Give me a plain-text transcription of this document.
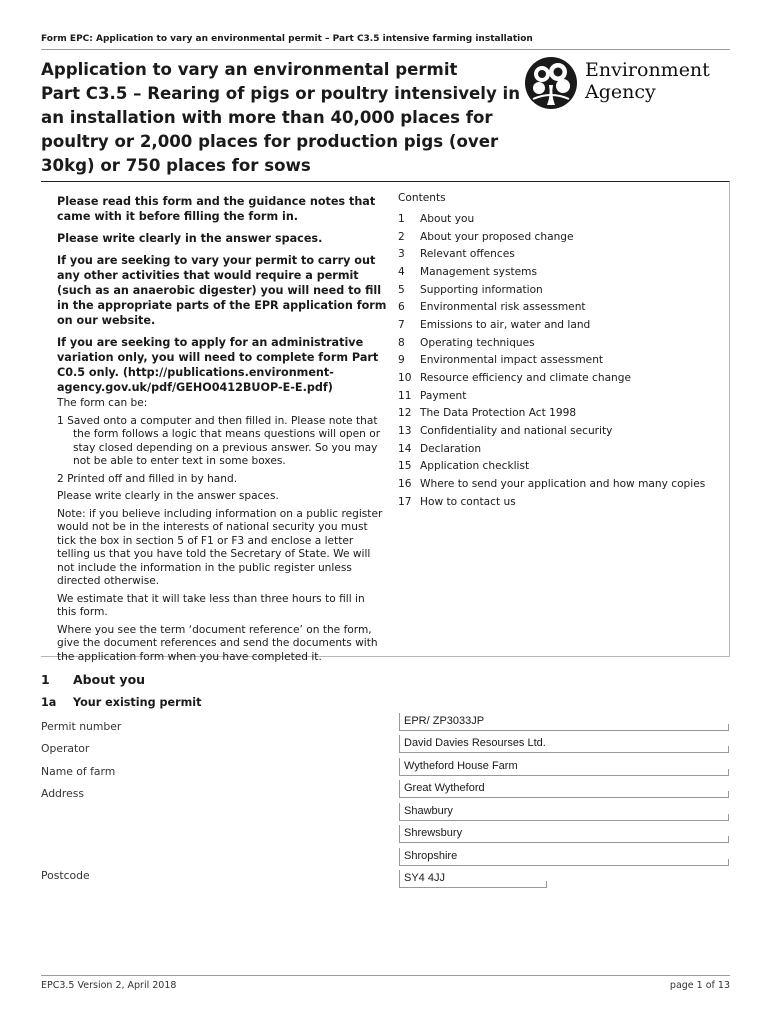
Form EPC: Application to vary an environmental permit – Part C3.5 intensive farming installation
Application to vary an environmental permit
Part C3.5 – Rearing of pigs or poultry intensively in
an installation with more than 40,000 places for
poultry or 2,000 places for production pigs (over
30kg) or 750 places for sows
Environment
Agency

Please read this form and the guidance notes that came with it before filling the form in.

Please write clearly in the answer spaces.

If you are seeking to vary your permit to carry out any other activities that would require a permit (such as an anaerobic digester) you will need to fill in the appropriate parts of the EPR application form on our website.

If you are seeking to apply for an administrative variation only, you will need to complete form Part C0.5 only. (http://publications.environment-agency.gov.uk/pdf/GEHO0412BUOP-E-E.pdf)

The form can be:

1 Saved onto a computer and then filled in. Please note that the form follows a logic that means questions will open or stay closed depending on a previous answer. So you may not be able to enter text in some boxes.

2 Printed off and filled in by hand.

Please write clearly in the answer spaces.

Note: if you believe including information on a public register would not be in the interests of national security you must tick the box in section 5 of F1 or F3 and enclose a letter telling us that you have told the Secretary of State. We will not include the information in the public register unless directed otherwise.

We estimate that it will take less than three hours to fill in this form.

Where you see the term ‘document reference’ on the form, give the document references and send the documents with the application form when you have completed it.

Contents
1	About you
2	About your proposed change
3	Relevant offences
4	Management systems
5	Supporting information
6	Environmental risk assessment
7	Emissions to air, water and land
8	Operating techniques
9	Environmental impact assessment
10 Resource efficiency and climate change
11 Payment
12 The Data Protection Act 1998
13 Confidentiality and national security
14 Declaration
15 Application checklist
16 Where to send your application and how many copies
17 How to contact us
1 About you
1a Your existing permit
Permit number	EPR/ ZP3033JP
Operator	David Davies Resourses Ltd.
Name of farm	Wytheford House Farm
Address	Great Wytheford
Shawbury
Shrewsbury
Shropshire
Postcode	SY4 4JJ
EPC3.5 Version 2, April 2018	page 1 of 13
